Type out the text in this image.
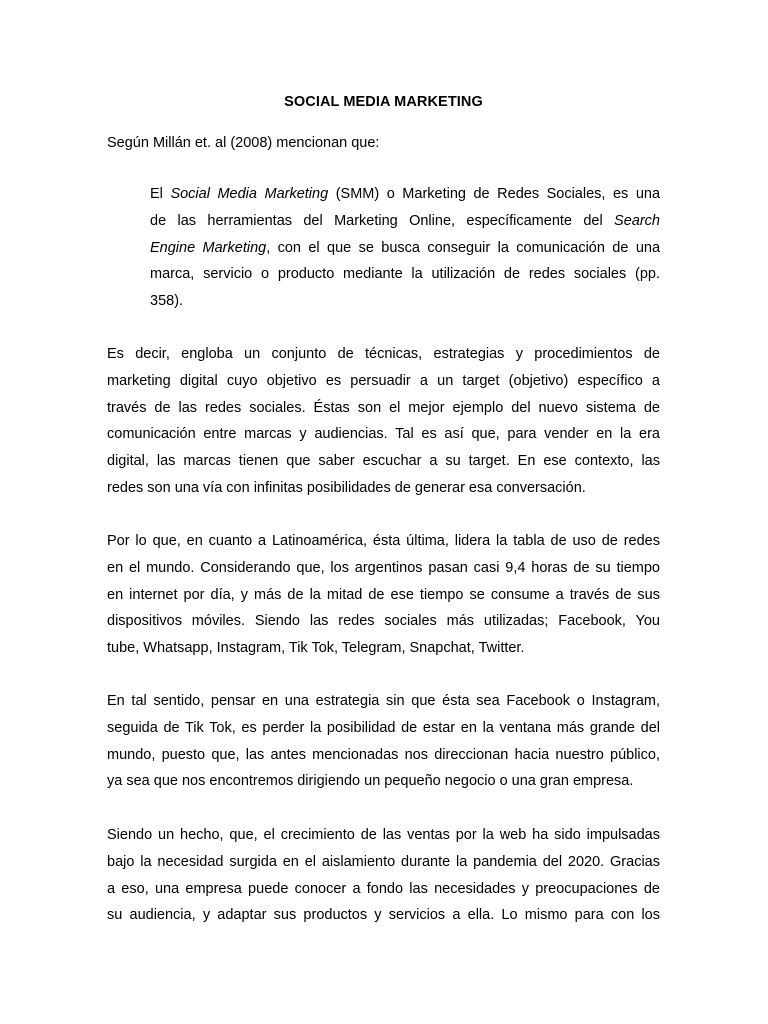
SOCIAL MEDIA MARKETING
Según Millán et. al (2008) mencionan que:
El Social Media Marketing (SMM) o Marketing de Redes Sociales, es una
de las herramientas del Marketing Online, específicamente del Search
Engine Marketing, con el que se busca conseguir la comunicación de una
marca, servicio o producto mediante la utilización de redes sociales (pp.
358).
Es decir, engloba un conjunto de técnicas, estrategias y procedimientos de
marketing digital cuyo objetivo es persuadir a un target (objetivo) específico a
través de las redes sociales. Éstas son el mejor ejemplo del nuevo sistema de
comunicación entre marcas y audiencias. Tal es así que, para vender en la era
digital, las marcas tienen que saber escuchar a su target. En ese contexto, las
redes son una vía con infinitas posibilidades de generar esa conversación.
Por lo que, en cuanto a Latinoamérica, ésta última, lidera la tabla de uso de redes
en el mundo. Considerando que, los argentinos pasan casi 9,4 horas de su tiempo
en internet por día, y más de la mitad de ese tiempo se consume a través de sus
dispositivos móviles. Siendo las redes sociales más utilizadas; Facebook, You
tube, Whatsapp, Instagram, Tik Tok, Telegram, Snapchat, Twitter.
En tal sentido, pensar en una estrategia sin que ésta sea Facebook o Instagram,
seguida de Tik Tok, es perder la posibilidad de estar en la ventana más grande del
mundo, puesto que, las antes mencionadas nos direccionan hacia nuestro público,
ya sea que nos encontremos dirigiendo un pequeño negocio o una gran empresa.
Siendo un hecho, que, el crecimiento de las ventas por la web ha sido impulsadas
bajo la necesidad surgida en el aislamiento durante la pandemia del 2020. Gracias
a eso, una empresa puede conocer a fondo las necesidades y preocupaciones de
su audiencia, y adaptar sus productos y servicios a ella. Lo mismo para con los
